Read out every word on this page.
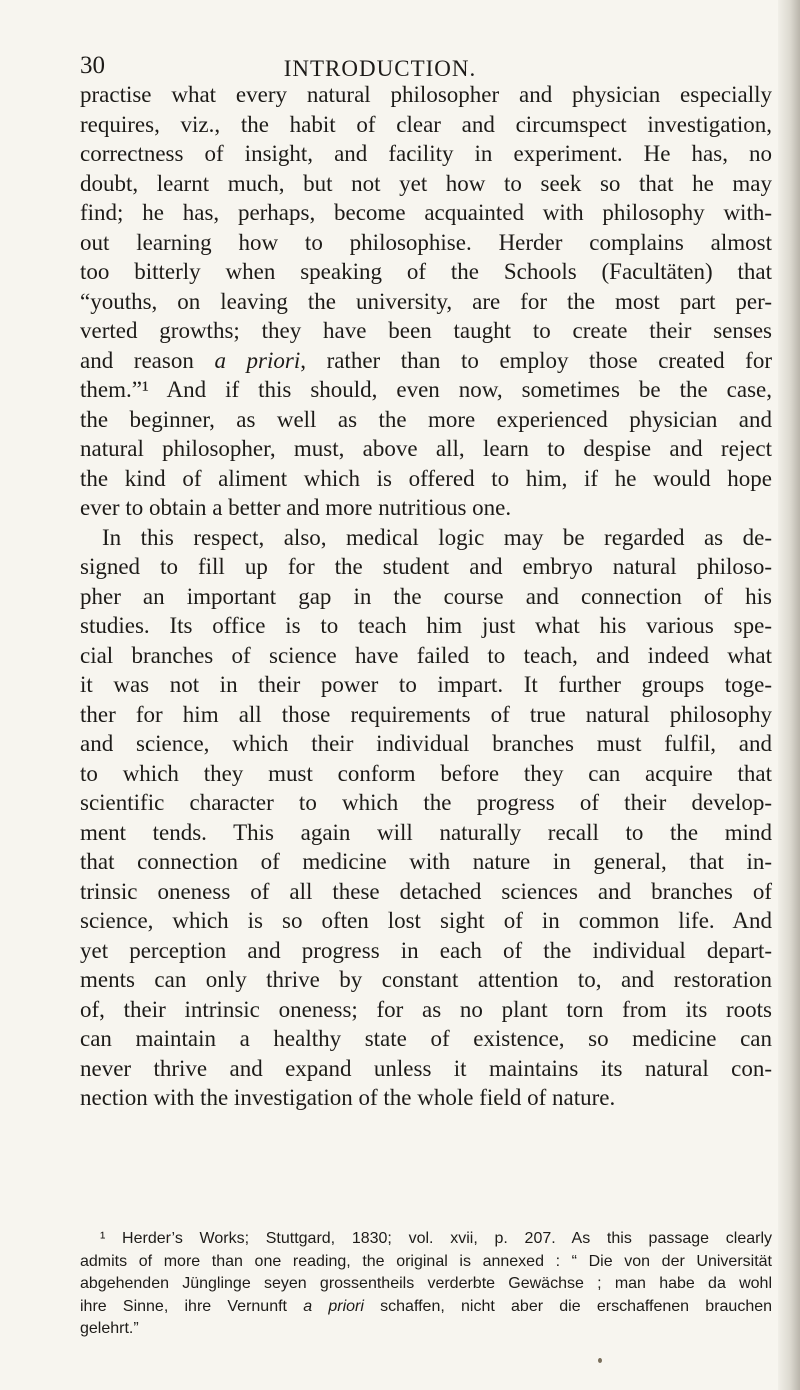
30	INTRODUCTION.
practise what every natural philosopher and physician especially
requires, viz., the habit of clear and circumspect investigation,
correctness of insight, and facility in experiment. He has, no
doubt, learnt much, but not yet how to seek so that he may
find; he has, perhaps, become acquainted with philosophy with-
out learning how to philosophise. Herder complains almost
too bitterly when speaking of the Schools (Facultäten) that
“youths, on leaving the university, are for the most part per-
verted growths; they have been taught to create their senses
and reason a priori, rather than to employ those created for
them.”¹ And if this should, even now, sometimes be the case,
the beginner, as well as the more experienced physician and
natural philosopher, must, above all, learn to despise and reject
the kind of aliment which is offered to him, if he would hope
ever to obtain a better and more nutritious one.
In this respect, also, medical logic may be regarded as de-
signed to fill up for the student and embryo natural philoso-
pher an important gap in the course and connection of his
studies. Its office is to teach him just what his various spe-
cial branches of science have failed to teach, and indeed what
it was not in their power to impart. It further groups toge-
ther for him all those requirements of true natural philosophy
and science, which their individual branches must fulfil, and
to which they must conform before they can acquire that
scientific character to which the progress of their develop-
ment tends. This again will naturally recall to the mind
that connection of medicine with nature in general, that in-
trinsic oneness of all these detached sciences and branches of
science, which is so often lost sight of in common life. And
yet perception and progress in each of the individual depart-
ments can only thrive by constant attention to, and restoration
of, their intrinsic oneness; for as no plant torn from its roots
can maintain a healthy state of existence, so medicine can
never thrive and expand unless it maintains its natural con-
nection with the investigation of the whole field of nature.
¹ Herder’s Works; Stuttgard, 1830; vol. xvii, p. 207. As this passage clearly
admits of more than one reading, the original is annexed : “ Die von der Universität
abgehenden Jünglinge seyen grossentheils verderbte Gewächse ; man habe da wohl
ihre Sinne, ihre Vernunft a priori schaffen, nicht aber die erschaffenen brauchen
gelehrt.”
